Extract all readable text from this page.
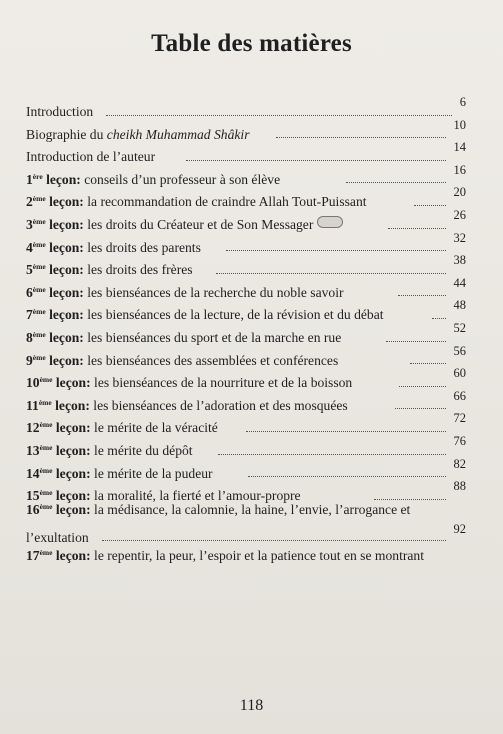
Table des matières
Introduction
6
Biographie du cheikh Muhammad Shâkir
10
Introduction de l’auteur
14
1ère leçon: conseils d’un professeur à son élève
16
2ème leçon: la recommandation de craindre Allah Tout-Puissant
20
3ème leçon: les droits du Créateur et de Son Messager
26
4ème leçon: les droits des parents
32
5ème leçon: les droits des frères
38
6ème leçon: les bienséances de la recherche du noble savoir
44
7ème leçon: les bienséances de la lecture, de la révision et du débat
48
8ème leçon: les bienséances du sport et de la marche en rue
52
9ème leçon: les bienséances des assemblées et conférences
56
10ème leçon: les bienséances de la nourriture et de la boisson
60
11ème leçon: les bienséances de l’adoration et des mosquées
66
12ème leçon: le mérite de la véracité
72
13ème leçon: le mérite du dépôt
76
14ème leçon: le mérite de la pudeur
82
15ème leçon: la moralité, la fierté et l’amour-propre
88
16ème leçon: la médisance, la calomnie, la haine, l’envie, l’arrogance et
l’exultation
92
17ème leçon: le repentir, la peur, l’espoir et la patience tout en se montrant
118
